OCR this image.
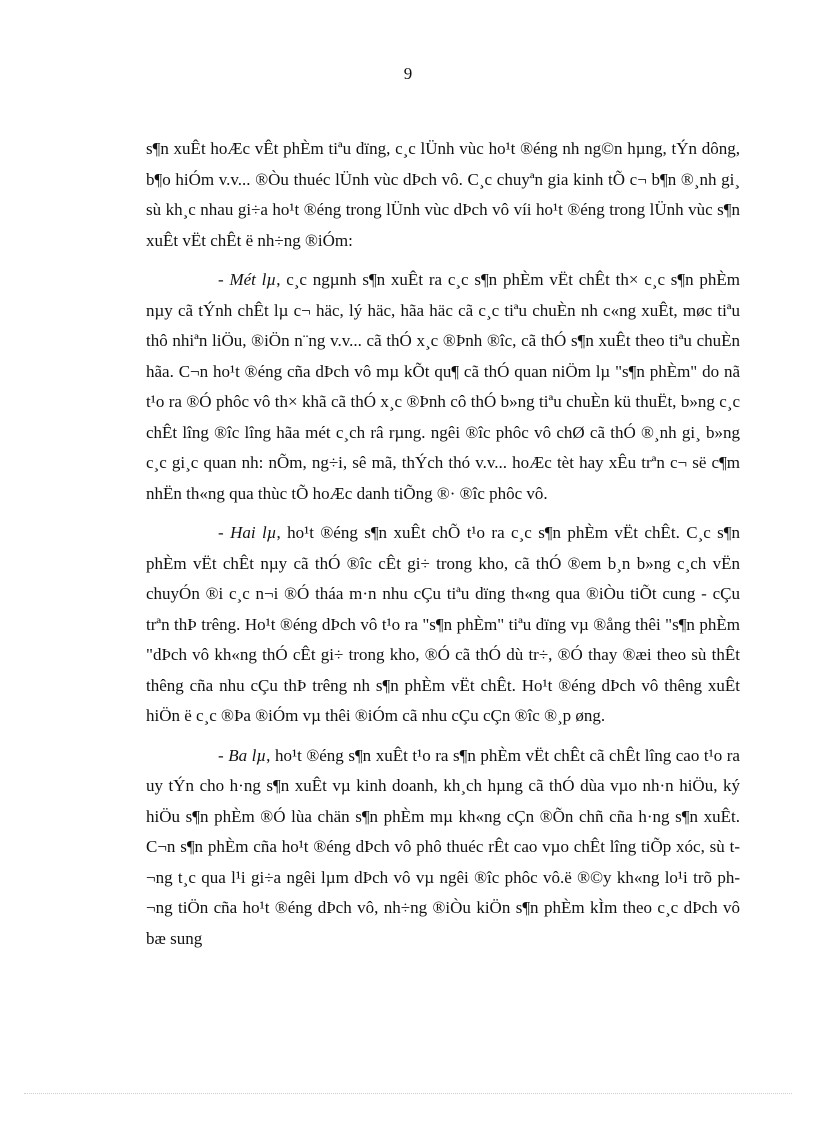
9

s¶n xuÊt hoÆc vÊt phÈm tiªu dïng, c¸c lÜnh vùc ho¹t ®éng nh ng©n hµng, tÝn dông, b¶o hiÓm v.v... ®Òu thuéc lÜnh vùc dÞch vô. C¸c chuyªn gia kinh tÕ c¬ b¶n ®¸nh gi¸ sù kh¸c nhau gi÷a ho¹t ®éng trong lÜnh vùc dÞch vô víi ho¹t ®éng trong lÜnh vùc s¶n xuÊt vËt chÊt ë nh÷ng ®iÓm:

- Mét lµ, c¸c ngµnh s¶n xuÊt ra c¸c s¶n phÈm vËt chÊt th× c¸c s¶n phÈm nµy cã tÝnh chÊt lµ c¬ häc, lý häc, hãa häc cã c¸c tiªu chuÈn nh c«ng xuÊt, møc tiªu thô nhiªn liÖu, ®iÖn n¨ng v.v... cã thÓ x¸c ®Þnh ®îc, cã thÓ s¶n xuÊt theo tiªu chuÈn hãa. C¬n ho¹t ®éng cña dÞch vô mµ kÕt qu¶ cã thÓ quan niÖm lµ "s¶n phÈm" do nã t¹o ra ®Ó phôc vô th× khã cã thÓ x¸c ®Þnh cô thÓ b»ng tiªu chuÈn kü thuËt, b»ng c¸c chÊt lîng ®îc lîng hãa mét c¸ch râ rµng. ngêi ®îc phôc vô chØ cã thÓ ®¸nh gi¸ b»ng c¸c gi¸c quan nh: nÕm, ng÷i, sê mã, thÝch thó v.v... hoÆc tèt hay xÊu trªn c¬ së c¶m nhËn th«ng qua thùc tÕ hoÆc danh tiÕng ®· ®îc phôc vô.

- Hai lµ, ho¹t ®éng s¶n xuÊt chÕ t¹o ra c¸c s¶n phÈm vËt chÊt. C¸c s¶n phÈm vËt chÊt nµy cã thÓ ®îc cÊt gi÷ trong kho, cã thÓ ®em b¸n b»ng c¸ch vËn chuyÓn ®i c¸c n¬i ®Ó tháa m·n nhu cÇu tiªu dïng th«ng qua ®iÒu tiÕt cung - cÇu trªn thÞ trêng. Ho¹t ®éng dÞch vô t¹o ra "s¶n phÈm" tiªu dïng vµ ®ång thêi "s¶n phÈm "dÞch vô kh«ng thÓ cÊt gi÷ trong kho, ®Ó cã thÓ dù tr÷, ®Ó thay ®æi theo sù thÊt thêng cña nhu cÇu thÞ trêng nh s¶n phÈm vËt chÊt. Ho¹t ®éng dÞch vô thêng xuÊt hiÖn ë c¸c ®Þa ®iÓm vµ thêi ®iÓm cã nhu cÇu cÇn ®îc ®¸p øng.

- Ba lµ, ho¹t ®éng s¶n xuÊt t¹o ra s¶n phÈm vËt chÊt cã chÊt lîng cao t¹o ra uy tÝn cho h·ng s¶n xuÊt vµ kinh doanh, kh¸ch hµng cã thÓ dùa vµo nh·n hiÖu, ký hiÖu s¶n phÈm ®Ó lùa chän s¶n phÈm mµ kh«ng cÇn ®Õn chñ cña h·ng s¶n xuÊt. C¬n s¶n phÈm cña ho¹t ®éng dÞch vô phô thuéc rÊt cao vµo chÊt lîng tiÕp xóc, sù t¬ng t¸c qua l¹i gi÷a ngêi lµm dÞch vô vµ ngêi ®îc phôc vô.ë ®©y kh«ng lo¹i trõ ph¬ng tiÖn cña ho¹t ®éng dÞch vô, nh÷ng ®iÒu kiÖn s¶n phÈm kÌm theo c¸c dÞch vô bæ sung
